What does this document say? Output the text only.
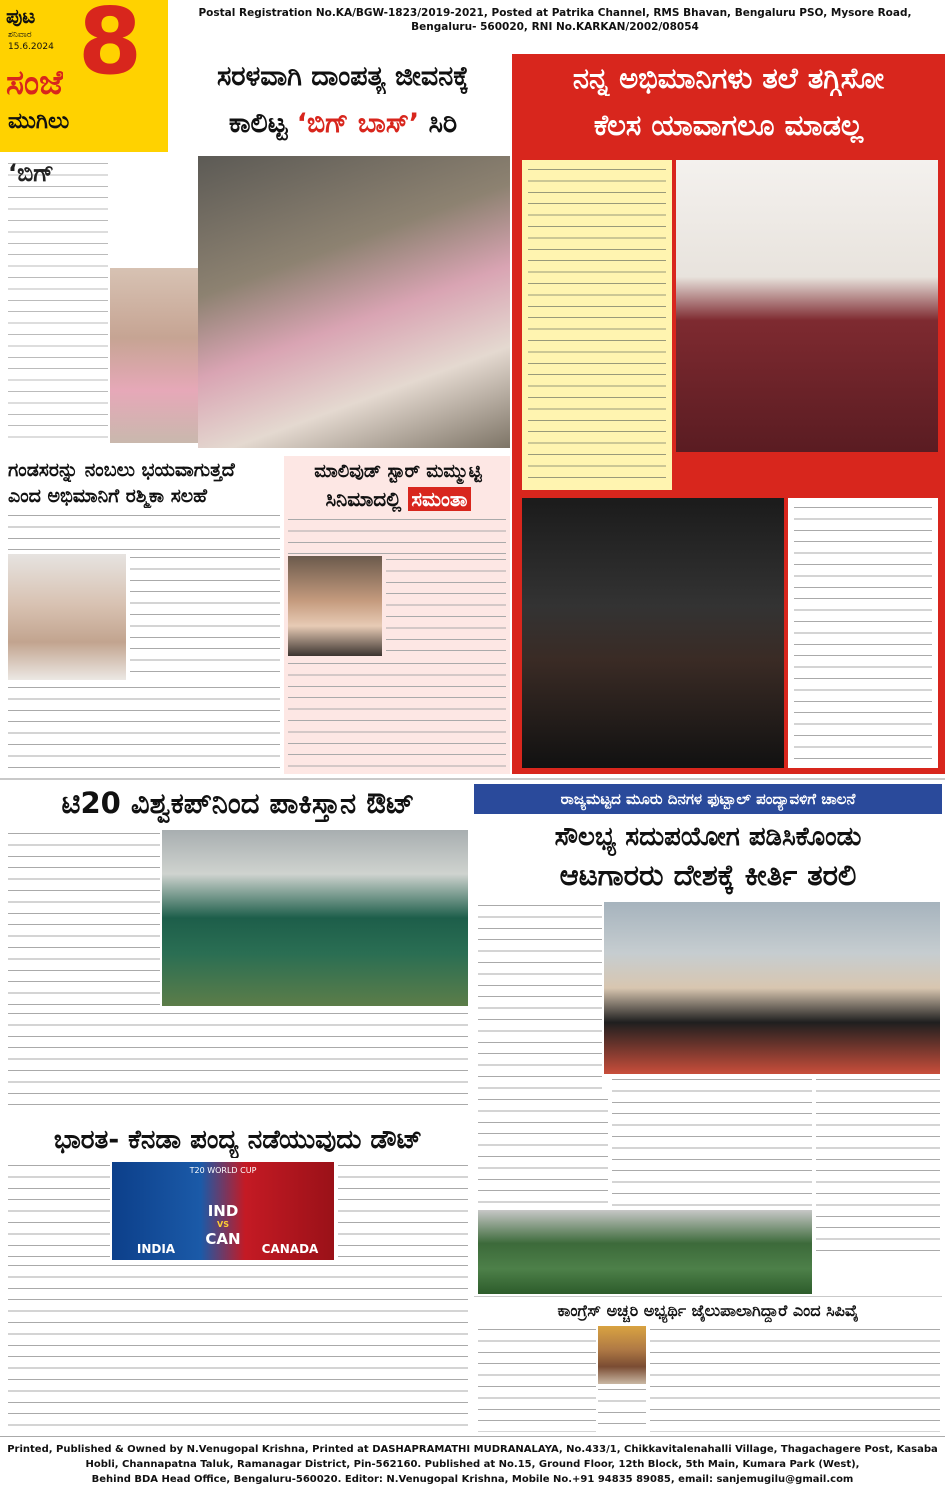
ಪುಟ
ಶನಿವಾರ
15.6.2024 8
ಸಂಜೆ
ಮುಗಿಲು
Postal Registration No.KA/BGW-1823/2019-2021, Posted at Patrika Channel, RMS Bhavan, Bengaluru PSO, Mysore Road, Bengaluru- 560020, RNI No.KARKAN/2002/08054
ಸರಳವಾಗಿ ದಾಂಪತ್ಯ ಜೀವನಕ್ಕೆ
ಕಾಲಿಟ್ಟ ‘ಬಿಗ್ ಬಾಸ್’ ಸಿರಿ
‘ಬಿಗ್
ನನ್ನ ಅಭಿಮಾನಿಗಳು ತಲೆ ತಗ್ಗಿಸೋ
ಕೆಲಸ ಯಾವಾಗಲೂ ಮಾಡಲ್ಲ
ಗಂಡಸರನ್ನು ನಂಬಲು ಭಯವಾಗುತ್ತದೆ
ಎಂದ ಅಭಿಮಾನಿಗೆ ರಶ್ಮಿಕಾ ಸಲಹೆ
ಮಾಲಿವುಡ್ ಸ್ಟಾರ್ ಮಮ್ಮುಟ್ಟಿ
ಸಿನಿಮಾದಲ್ಲಿ ಸಮಂತಾ
ಟಿ20 ವಿಶ್ವಕಪ್‌ನಿಂದ ಪಾಕಿಸ್ತಾನ ಔಟ್
ಭಾರತ- ಕೆನಡಾ ಪಂದ್ಯ ನಡೆಯುವುದು ಡೌಟ್
T20 WORLD CUP
IND
VS
CAN
INDIA	CANADA
ರಾಜ್ಯಮಟ್ಟದ ಮೂರು ದಿನಗಳ ಫುಟ್ಬಾಲ್ ಪಂದ್ಯಾವಳಿಗೆ ಚಾಲನೆ
ಸೌಲಭ್ಯ ಸದುಪಯೋಗ ಪಡಿಸಿಕೊಂಡು
ಆಟಗಾರರು ದೇಶಕ್ಕೆ ಕೀರ್ತಿ ತರಲಿ
ಕಾಂಗ್ರೆಸ್ ಅಚ್ಚರಿ ಅಭ್ಯರ್ಥಿ ಜೈಲುಪಾಲಾಗಿದ್ದಾರೆ ಎಂದ ಸಿಪಿವೈ
Printed, Published & Owned by N.Venugopal Krishna, Printed at DASHAPRAMATHI MUDRANALAYA, No.433/1, Chikkavitalenahalli Village, Thagachagere Post, Kasaba
Hobli, Channapatna Taluk, Ramanagar District, Pin-562160. Published at No.15, Ground Floor, 12th Block, 5th Main, Kumara Park (West),
Behind BDA Head Office, Bengaluru-560020. Editor: N.Venugopal Krishna, Mobile No.+91 94835 89085, email: sanjemugilu@gmail.com
